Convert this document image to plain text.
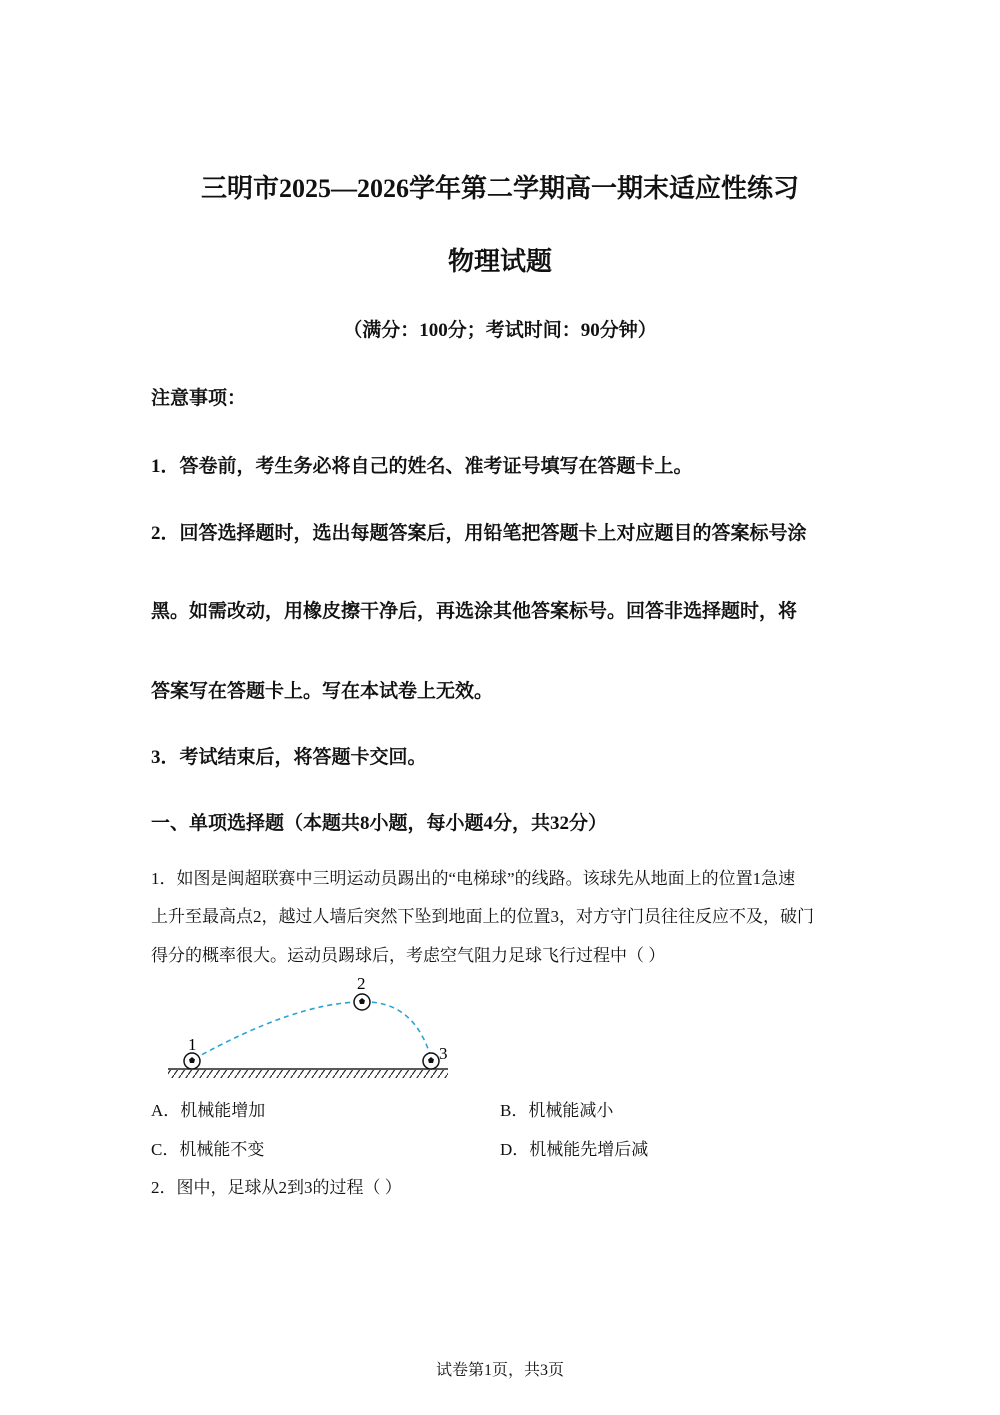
三明市2025—2026学年第二学期高一期末适应性练习
物理试题
（满分：100分；考试时间：90分钟）
注意事项：
1．答卷前，考生务必将自己的姓名、准考证号填写在答题卡上。
2．回答选择题时，选出每题答案后，用铅笔把答题卡上对应题目的答案标号涂
黑。如需改动，用橡皮擦干净后，再选涂其他答案标号。回答非选择题时，将
答案写在答题卡上。写在本试卷上无效。
3．考试结束后，将答题卡交回。
一、单项选择题（本题共8小题，每小题4分，共32分）
1．如图是闽超联赛中三明运动员踢出的“电梯球”的线路。该球先从地面上的位置1急速
上升至最高点2，越过人墙后突然下坠到地面上的位置3，对方守门员往往反应不及，破门
得分的概率很大。运动员踢球后，考虑空气阻力足球飞行过程中（ ）
1
2
3
A．机械能增加	B．机械能减小
C．机械能不变	D．机械能先增后减
2．图中，足球从2到3的过程（ ）
试卷第1页，共3页
